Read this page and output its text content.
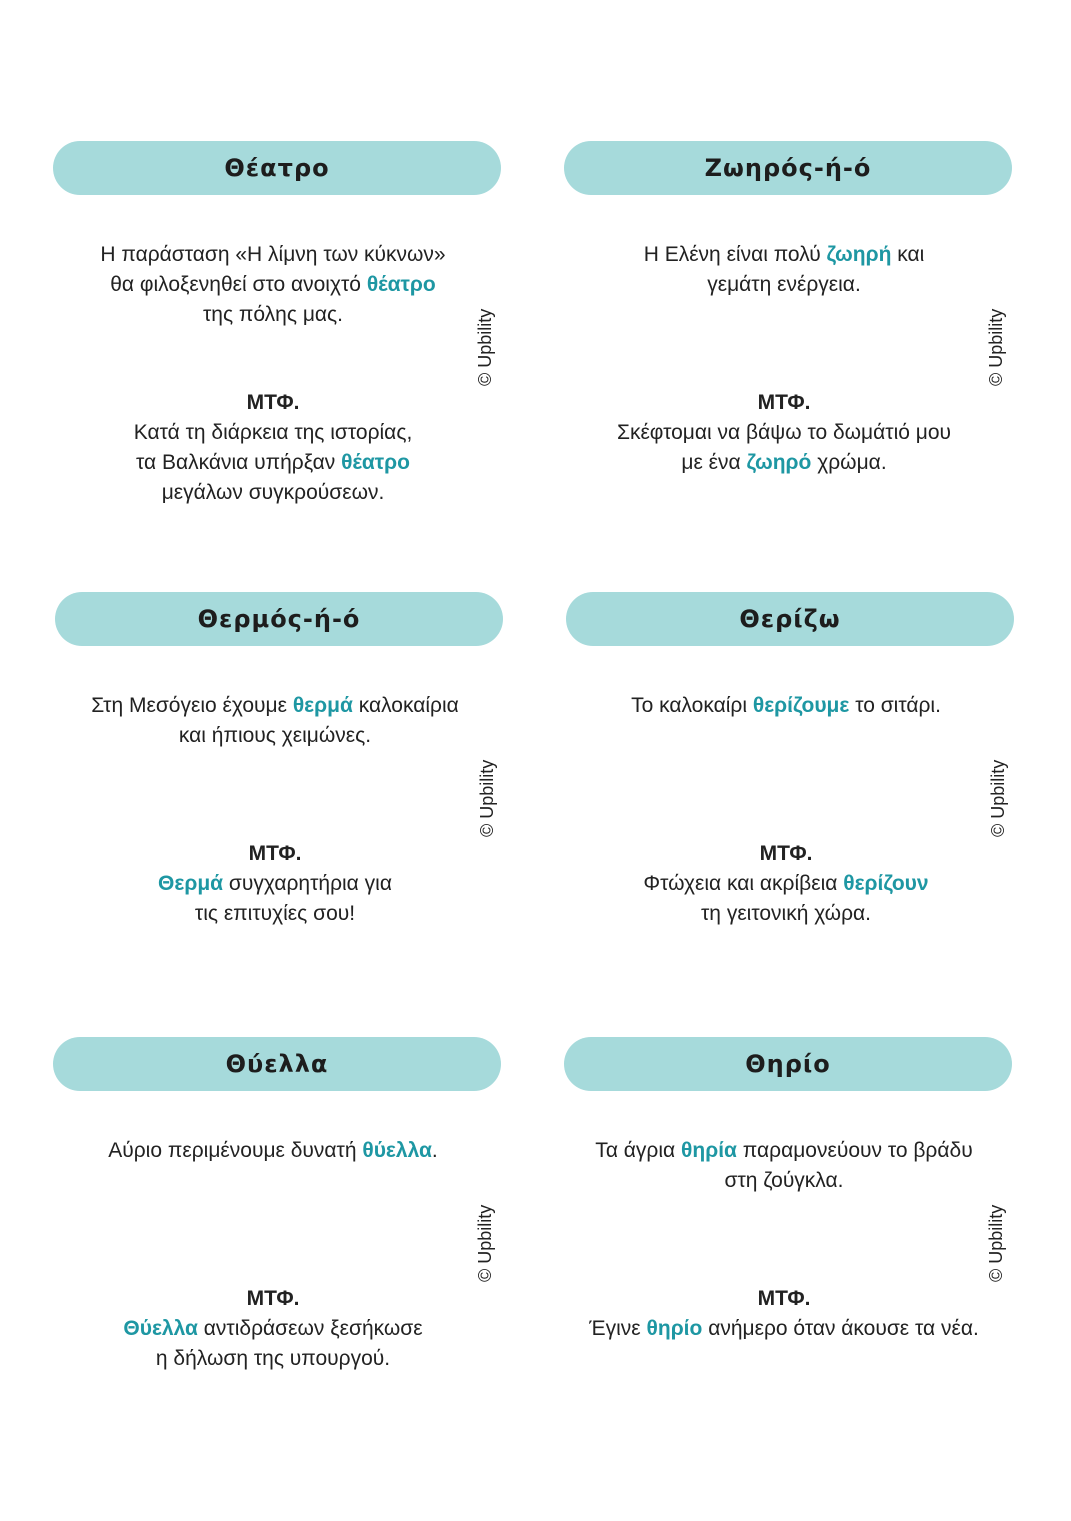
Θέατρο
Η παράσταση «Η λίμνη των κύκνων»
θα φιλοξενηθεί στο ανοιχτό θέατρο
της πόλης μας.
ΜΤΦ.
Κατά τη διάρκεια της ιστορίας,
τα Βαλκάνια υπήρξαν θέατρο
μεγάλων συγκρούσεων.
© Upbility
Ζωηρός-ή-ό
Η Ελένη είναι πολύ ζωηρή και
γεμάτη ενέργεια.
ΜΤΦ.
Σκέφτομαι να βάψω το δωμάτιό μου
με ένα ζωηρό χρώμα.
© Upbility
Θερμός-ή-ό
Στη Μεσόγειο έχουμε θερμά καλοκαίρια
και ήπιους χειμώνες.
ΜΤΦ.
Θερμά συγχαρητήρια για
τις επιτυχίες σου!
© Upbility
Θερίζω
Το καλοκαίρι θερίζουμε το σιτάρι.
ΜΤΦ.
Φτώχεια και ακρίβεια θερίζουν
τη γειτονική χώρα.
© Upbility
Θύελλα
Αύριο περιμένουμε δυνατή θύελλα.
ΜΤΦ.
Θύελλα αντιδράσεων ξεσήκωσε
η δήλωση της υπουργού.
© Upbility
Θηρίο
Τα άγρια θηρία παραμονεύουν το βράδυ
στη ζούγκλα.
ΜΤΦ.
Έγινε θηρίο ανήμερο όταν άκουσε τα νέα.
© Upbility
